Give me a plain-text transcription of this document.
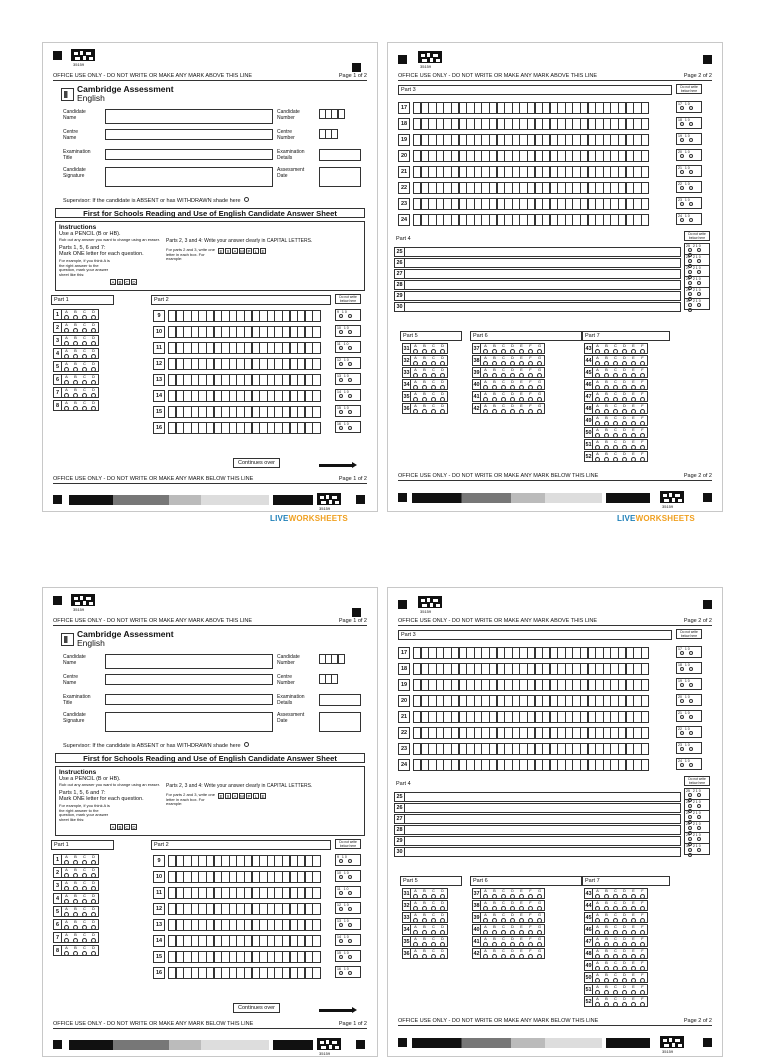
35159
OFFICE USE ONLY - DO NOT WRITE OR MAKE ANY MARK ABOVE THIS LINE	Page 1 of 2
Cambridge Assessment
English
Candidate
Name
Centre
Name
Examination
Title
Candidate
Signature
Candidate
Number
Centre
Number
Examination
Details
Assessment
Date
Supervisor: If the candidate is ABSENT or has WITHDRAWN shade here
First for Schools Reading and Use of English Candidate Answer Sheet
Instructions
Use a PENCIL (B or HB).
Rub out any answer you want to change using an eraser.
Parts 1, 5, 6 and 7:
Mark ONE letter for each question.
For example, if you think A is the right answer to the question, mark your answer sheet like this:
A B C D
Parts 2, 3 and 4: Write your answer clearly in CAPITAL LETTERS.
For parts 2 and 3, write one letter in each box. For example:
E X A M P L E
Part 1
1
A	B	C	D
2
A	B	C	D
3
A	B	C	D
4
A	B	C	D
5
A	B	C	D
6
A	B	C	D
7
A	B	C	D
8
A	B	C	D
Part 2	Do not write below here
9
9 1 0

10
10 1 0

11
11 1 0

12
12 1 0

13
13 1 0

14
14 1 0

15
15 1 0

16
16 1 0

Continues over
OFFICE USE ONLY - DO NOT WRITE OR MAKE ANY MARK BELOW THIS LINE	Page 1 of 2
35159
35159
OFFICE USE ONLY - DO NOT WRITE OR MAKE ANY MARK ABOVE THIS LINE	Page 2 of 2
Part 3	Do not write below here
17
17 1 0

18
18 1 0

19
19 1 0

20
20 1 0

21
21 1 0

22
22 1 0

23
23 1 0

24
24 1 0

Part 4
Do not write below here
25
25 2 1 0

26
26 2 1 0

27
27 2 1 0

28
28 2 1 0

29
29 2 1 0

30
30 2 1 0

Part 5
31
A	B	C	D
32
A	B	C	D
33
A	B	C	D
34
A	B	C	D
35
A	B	C	D
36
A	B	C	D
Part 6
37
A	B	C	D	E	F	G
38
A	B	C	D	E	F	G
39
A	B	C	D	E	F	G
40
A	B	C	D	E	F	G
41
A	B	C	D	E	F	G
42
A	B	C	D	E	F	G
Part 7
43
A	B	C	D	E	F
44
A	B	C	D	E	F
45
A	B	C	D	E	F
46
A	B	C	D	E	F
47
A	B	C	D	E	F
48
A	B	C	D	E	F
49
A	B	C	D	E	F
50
A	B	C	D	E	F
51
A	B	C	D	E	F
52
A	B	C	D	E	F
OFFICE USE ONLY - DO NOT WRITE OR MAKE ANY MARK BELOW THIS LINE	Page 2 of 2
35159
35159
OFFICE USE ONLY - DO NOT WRITE OR MAKE ANY MARK ABOVE THIS LINE	Page 1 of 2
Cambridge Assessment
English
Candidate
Name
Centre
Name
Examination
Title
Candidate
Signature
Candidate
Number
Centre
Number
Examination
Details
Assessment
Date
Supervisor: If the candidate is ABSENT or has WITHDRAWN shade here
First for Schools Reading and Use of English Candidate Answer Sheet
Instructions
Use a PENCIL (B or HB).
Rub out any answer you want to change using an eraser.
Parts 1, 5, 6 and 7:
Mark ONE letter for each question.
For example, if you think A is the right answer to the question, mark your answer sheet like this:
A B C D
Parts 2, 3 and 4: Write your answer clearly in CAPITAL LETTERS.
For parts 2 and 3, write one letter in each box. For example:
E X A M P L E
Part 1
1
A	B	C	D
2
A	B	C	D
3
A	B	C	D
4
A	B	C	D
5
A	B	C	D
6
A	B	C	D
7
A	B	C	D
8
A	B	C	D
Part 2	Do not write below here
9
9 1 0

10
10 1 0

11
11 1 0

12
12 1 0

13
13 1 0

14
14 1 0

15
15 1 0

16
16 1 0

Continues over
OFFICE USE ONLY - DO NOT WRITE OR MAKE ANY MARK BELOW THIS LINE	Page 1 of 2
35159
35159
OFFICE USE ONLY - DO NOT WRITE OR MAKE ANY MARK ABOVE THIS LINE	Page 2 of 2
Part 3	Do not write below here
17
17 1 0

18
18 1 0

19
19 1 0

20
20 1 0

21
21 1 0

22
22 1 0

23
23 1 0

24
24 1 0

Part 4
Do not write below here
25
25 2 1 0

26
26 2 1 0

27
27 2 1 0

28
28 2 1 0

29
29 2 1 0

30
30 2 1 0

Part 5
31
A	B	C	D
32
A	B	C	D
33
A	B	C	D
34
A	B	C	D
35
A	B	C	D
36
A	B	C	D
Part 6
37
A	B	C	D	E	F	G
38
A	B	C	D	E	F	G
39
A	B	C	D	E	F	G
40
A	B	C	D	E	F	G
41
A	B	C	D	E	F	G
42
A	B	C	D	E	F	G
Part 7
43
A	B	C	D	E	F
44
A	B	C	D	E	F
45
A	B	C	D	E	F
46
A	B	C	D	E	F
47
A	B	C	D	E	F
48
A	B	C	D	E	F
49
A	B	C	D	E	F
50
A	B	C	D	E	F
51
A	B	C	D	E	F
52
A	B	C	D	E	F
OFFICE USE ONLY - DO NOT WRITE OR MAKE ANY MARK BELOW THIS LINE	Page 2 of 2
35159
LIVEWORKSHEETS	LIVEWORKSHEETS
